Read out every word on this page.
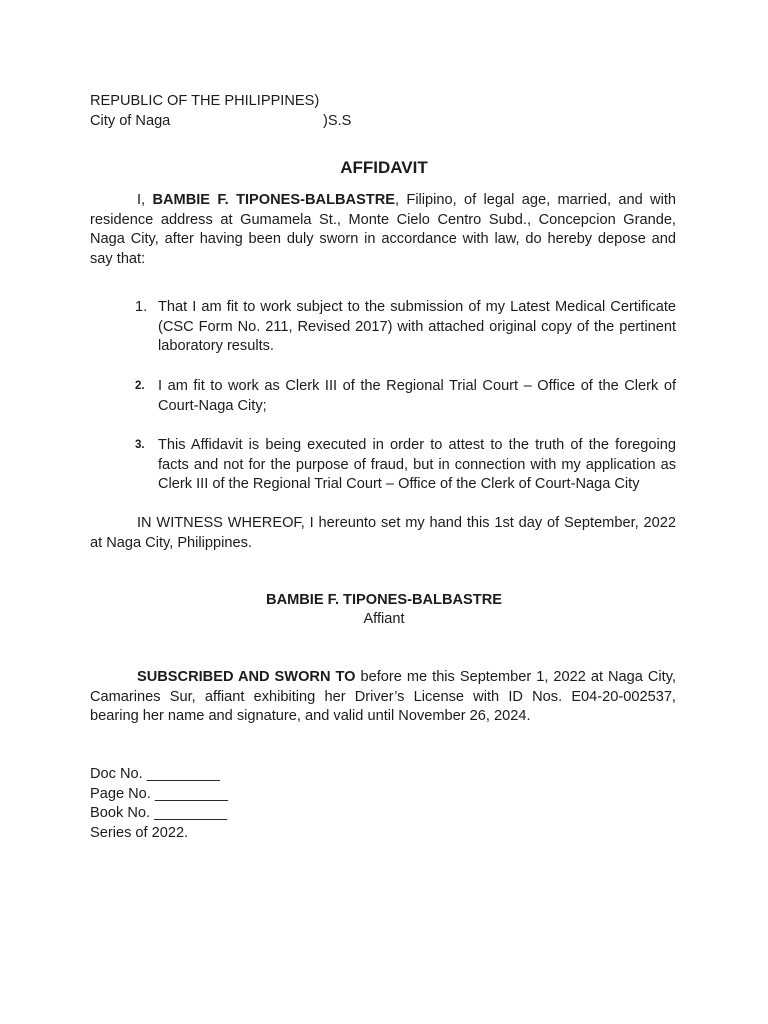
REPUBLIC OF THE PHILIPPINES)
City of Naga	)S.S
AFFIDAVIT
I, BAMBIE F. TIPONES-BALBASTRE, Filipino, of legal age, married, and with residence address at Gumamela St., Monte Cielo Centro Subd., Concepcion Grande, Naga City, after having been duly sworn in accordance with law, do hereby depose and say that:
1. That I am fit to work subject to the submission of my Latest Medical Certificate (CSC Form No. 211, Revised 2017) with attached original copy of the pertinent laboratory results.
2. I am fit to work as Clerk III of the Regional Trial Court – Office of the Clerk of Court-Naga City;
3. This Affidavit is being executed in order to attest to the truth of the foregoing facts and not for the purpose of fraud, but in connection with my application as Clerk III of the Regional Trial Court – Office of the Clerk of Court-Naga City
IN WITNESS WHEREOF, I hereunto set my hand this 1st day of September, 2022 at Naga City, Philippines.
BAMBIE F. TIPONES-BALBASTRE
Affiant
SUBSCRIBED AND SWORN TO before me this September 1, 2022 at Naga City, Camarines Sur, affiant exhibiting her Driver’s License with ID Nos. E04-20-002537, bearing her name and signature, and valid until November 26, 2024.
Doc No. _________
Page No. _________
Book No. _________
Series of 2022.
